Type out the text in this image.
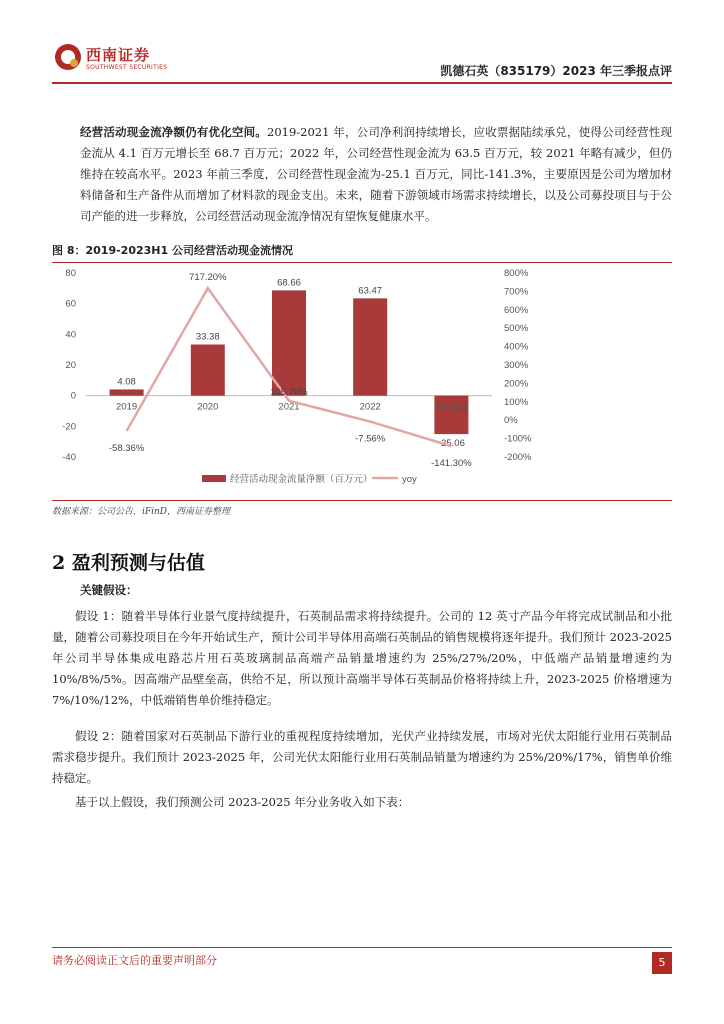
西南证券
SOUTHWEST SECURITIES	凯德石英（835179）2023 年三季报点评
经营活动现金流净额仍有优化空间。2019-2021 年，公司净利润持续增长，应收票据陆续承兑，使得公司经营性现金流从 4.1 百万元增长至 68.7 百万元；2022 年，公司经营性现金流为 63.5 百万元，较 2021 年略有减少，但仍维持在较高水平。2023 年前三季度，公司经营性现金流为-25.1 百万元，同比-141.3%，主要原因是公司为增加材料储备和生产备件从而增加了材料款的现金支出。未来，随着下游领域市场需求持续增长，以及公司募投项目与于公司产能的进一步释放，公司经营活动现金流净情况有望恢复健康水平。
图 8：2019-2023H1 公司经营活动现金流情况
80
60
40
20
0
-20
-40
800%
700%
600%
500%
400%
300%
200%
100%
0%
-100%
-200%
4.08
33.38
68.66
63.47
-25.06
2019	2020	2021	2022	2023Q3
-58.36%
717.20%
105.70%
-7.56%
-141.30%
经营活动现金流量净额（百万元）	yoy
数据来源：公司公告，iFinD，西南证券整理
2 盈利预测与估值
关键假设：
假设 1：随着半导体行业景气度持续提升，石英制品需求将持续提升。公司的 12 英寸产品今年将完成试制品和小批量，随着公司募投项目在今年开始试生产，预计公司半导体用高端石英制品的销售规模将逐年提升。我们预计 2023-2025 年公司半导体集成电路芯片用石英玻璃制品高端产品销量增速约为 25%/27%/20%，中低端产品销量增速约为 10%/8%/5%。因高端产品壁垒高，供给不足，所以预计高端半导体石英制品价格将持续上升，2023-2025 价格增速为 7%/10%/12%，中低端销售单价维持稳定。
假设 2：随着国家对石英制品下游行业的重视程度持续增加，光伏产业持续发展，市场对光伏太阳能行业用石英制品需求稳步提升。我们预计 2023-2025 年，公司光伏太阳能行业用石英制品销量为增速约为 25%/20%/17%，销售单价维持稳定。
基于以上假设，我们预测公司 2023-2025 年分业务收入如下表：
请务必阅读正文后的重要声明部分	5
